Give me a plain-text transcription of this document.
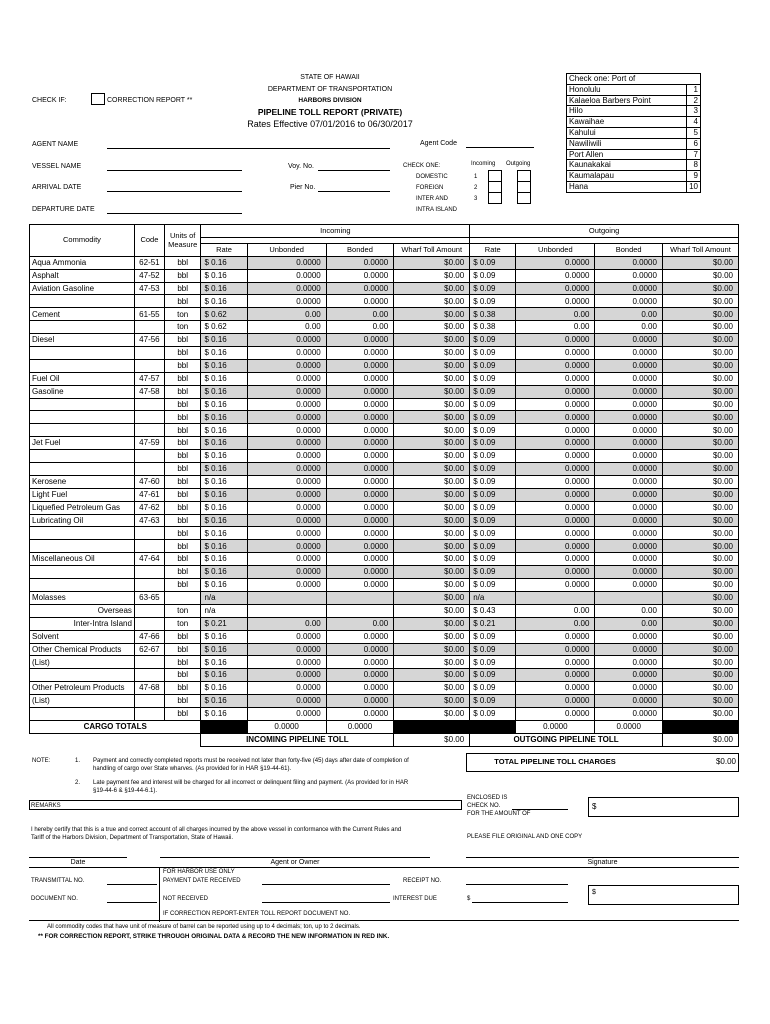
STATE OF HAWAII
DEPARTMENT OF TRANSPORTATION
HARBORS DIVISION
PIPELINE TOLL REPORT (PRIVATE)
Rates Effective 07/01/2016 to 06/30/2017
CHECK IF:	CORRECTION REPORT **
Check one: Port of	
Honolulu	1
Kalaeloa Barbers Point	2
Hilo	3
Kawaihae	4
Kahului	5
Nawiliwili	6
Port Allen	7
Kaunakakai	8
Kaumalapau	9
Hana	10
AGENT NAME	Agent Code
VESSEL NAME	Voy. No.
ARRIVAL DATE	Pier No.
DEPARTURE DATE
CHECK ONE:	Incoming Outgoing
DOMESTIC
FOREIGN
INTER AND
INTRA ISLAND
1
2
3
Commodity	Code	Units of Measure	Incoming				Outgoing			

			Rate	Unbonded	Bonded	Wharf Toll Amount	Rate	Unbonded	Bonded	Wharf Toll Amount
Aqua Ammonia	62-51	bbl	$ 0.16	0.0000	0.0000	$0.00	$ 0.09	0.0000	0.0000	$0.00
Asphalt	47-52	bbl	$ 0.16	0.0000	0.0000	$0.00	$ 0.09	0.0000	0.0000	$0.00
Aviation Gasoline	47-53	bbl	$ 0.16	0.0000	0.0000	$0.00	$ 0.09	0.0000	0.0000	$0.00
		bbl	$ 0.16	0.0000	0.0000	$0.00	$ 0.09	0.0000	0.0000	$0.00
Cement	61-55	ton	$ 0.62	0.00	0.00	$0.00	$ 0.38	0.00	0.00	$0.00
		ton	$ 0.62	0.00	0.00	$0.00	$ 0.38	0.00	0.00	$0.00
Diesel	47-56	bbl	$ 0.16	0.0000	0.0000	$0.00	$ 0.09	0.0000	0.0000	$0.00
		bbl	$ 0.16	0.0000	0.0000	$0.00	$ 0.09	0.0000	0.0000	$0.00
		bbl	$ 0.16	0.0000	0.0000	$0.00	$ 0.09	0.0000	0.0000	$0.00
Fuel Oil	47-57	bbl	$ 0.16	0.0000	0.0000	$0.00	$ 0.09	0.0000	0.0000	$0.00
Gasoline	47-58	bbl	$ 0.16	0.0000	0.0000	$0.00	$ 0.09	0.0000	0.0000	$0.00
		bbl	$ 0.16	0.0000	0.0000	$0.00	$ 0.09	0.0000	0.0000	$0.00
		bbl	$ 0.16	0.0000	0.0000	$0.00	$ 0.09	0.0000	0.0000	$0.00
		bbl	$ 0.16	0.0000	0.0000	$0.00	$ 0.09	0.0000	0.0000	$0.00
Jet Fuel	47-59	bbl	$ 0.16	0.0000	0.0000	$0.00	$ 0.09	0.0000	0.0000	$0.00
		bbl	$ 0.16	0.0000	0.0000	$0.00	$ 0.09	0.0000	0.0000	$0.00
		bbl	$ 0.16	0.0000	0.0000	$0.00	$ 0.09	0.0000	0.0000	$0.00
Kerosene	47-60	bbl	$ 0.16	0.0000	0.0000	$0.00	$ 0.09	0.0000	0.0000	$0.00
Light Fuel	47-61	bbl	$ 0.16	0.0000	0.0000	$0.00	$ 0.09	0.0000	0.0000	$0.00
Liquefied Petroleum Gas	47-62	bbl	$ 0.16	0.0000	0.0000	$0.00	$ 0.09	0.0000	0.0000	$0.00
Lubricating Oil	47-63	bbl	$ 0.16	0.0000	0.0000	$0.00	$ 0.09	0.0000	0.0000	$0.00
		bbl	$ 0.16	0.0000	0.0000	$0.00	$ 0.09	0.0000	0.0000	$0.00
		bbl	$ 0.16	0.0000	0.0000	$0.00	$ 0.09	0.0000	0.0000	$0.00
Miscellaneous Oil	47-64	bbl	$ 0.16	0.0000	0.0000	$0.00	$ 0.09	0.0000	0.0000	$0.00
		bbl	$ 0.16	0.0000	0.0000	$0.00	$ 0.09	0.0000	0.0000	$0.00
		bbl	$ 0.16	0.0000	0.0000	$0.00	$ 0.09	0.0000	0.0000	$0.00
Molasses	63-65		n/a			$0.00	n/a			$0.00
Overseas		ton	n/a			$0.00	$ 0.43	0.00	0.00	$0.00
Inter-Intra Island		ton	$ 0.21	0.00	0.00	$0.00	$ 0.21	0.00	0.00	$0.00
Solvent	47-66	bbl	$ 0.16	0.0000	0.0000	$0.00	$ 0.09	0.0000	0.0000	$0.00
Other Chemical Products	62-67	bbl	$ 0.16	0.0000	0.0000	$0.00	$ 0.09	0.0000	0.0000	$0.00
(List)		bbl	$ 0.16	0.0000	0.0000	$0.00	$ 0.09	0.0000	0.0000	$0.00
		bbl	$ 0.16	0.0000	0.0000	$0.00	$ 0.09	0.0000	0.0000	$0.00
Other Petroleum Products	47-68	bbl	$ 0.16	0.0000	0.0000	$0.00	$ 0.09	0.0000	0.0000	$0.00
(List)		bbl	$ 0.16	0.0000	0.0000	$0.00	$ 0.09	0.0000	0.0000	$0.00
		bbl	$ 0.16	0.0000	0.0000	$0.00	$ 0.09	0.0000	0.0000	$0.00
CARGO TOTALS				0.0000	0.0000			0.0000	0.0000	
			INCOMING PIPELINE TOLL			$0.00	OUTGOING PIPELINE TOLL			$0.00
NOTE:	1. Payment and correctly completed reports must be received not later than forty-five (45) days after date of completion of handling of cargo over State wharves. (As provided for in HAR §19-44-61).
2. Late payment fee and interest will be charged for all incorrect or delinquent filing and payment. (As provided for in HAR §19-44-6 & §19-44-6.1).
TOTAL PIPELINE TOLL CHARGES	$0.00
ENCLOSED IS
CHECK NO.
FOR THE AMOUNT OF
$
REMARKS
I hereby certify that this is a true and correct account of all charges incurred by the above vessel in conformance with the Current Rules and Tariff of the Harbors Division, Department of Transportation, State of Hawaii.	PLEASE FILE ORIGINAL AND ONE COPY
Date	Agent or Owner	Signature
FOR HARBOR USE ONLY
TRANSMITTAL NO.	PAYMENT DATE RECEIVED	RECEIPT NO.
DOCUMENT NO.	NOT RECEIVED	INTEREST DUE	$
$
IF CORRECTION REPORT-ENTER TOLL REPORT DOCUMENT NO.
All commodity codes that have unit of measure of barrel can be reported using up to 4 decimals; ton, up to 2 decimals.
** FOR CORRECTION REPORT, STRIKE THROUGH ORIGINAL DATA & RECORD THE NEW INFORMATION IN RED INK.
